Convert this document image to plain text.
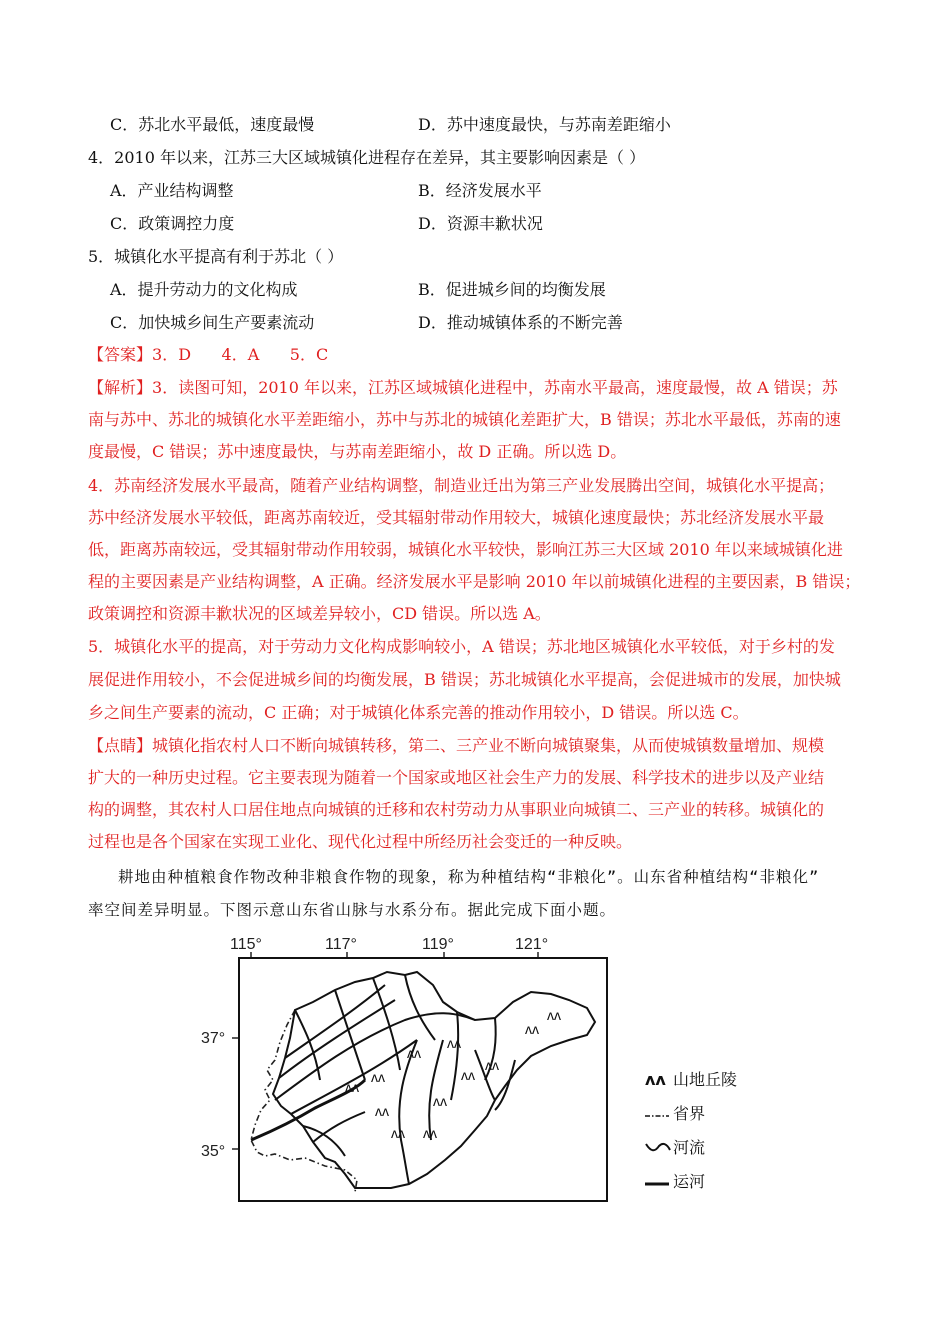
C．苏北水平最低，速度最慢	D．苏中速度最快，与苏南差距缩小
4．2010 年以来，江苏三大区域城镇化进程存在差异，其主要影响因素是（ ）
A．产业结构调整	B．经济发展水平
C．政策调控力度	D．资源丰歉状况
5．城镇化水平提高有利于苏北（ ）
A．提升劳动力的文化构成	B．促进城乡间的均衡发展
C．加快城乡间生产要素流动	D．推动城镇体系的不断完善
【答案】3．D      4．A      5．C
【解析】3．读图可知，2010 年以来，江苏区域城镇化进程中，苏南水平最高，速度最慢，故 A 错误；苏
南与苏中、苏北的城镇化水平差距缩小，苏中与苏北的城镇化差距扩大，B 错误；苏北水平最低，苏南的速
度最慢，C 错误；苏中速度最快，与苏南差距缩小，故 D 正确。所以选 D。
4．苏南经济发展水平最高，随着产业结构调整，制造业迁出为第三产业发展腾出空间，城镇化水平提高；
苏中经济发展水平较低，距离苏南较近，受其辐射带动作用较大，城镇化速度最快；苏北经济发展水平最
低，距离苏南较远，受其辐射带动作用较弱，城镇化水平较快，影响江苏三大区域 2010 年以来域城镇化进
程的主要因素是产业结构调整，A 正确。经济发展水平是影响 2010 年以前城镇化进程的主要因素，B 错误；
政策调控和资源丰歉状况的区域差异较小，CD 错误。所以选 A。
5．城镇化水平的提高，对于劳动力文化构成影响较小，A 错误；苏北地区城镇化水平较低，对于乡村的发
展促进作用较小，不会促进城乡间的均衡发展，B 错误；苏北城镇化水平提高，会促进城市的发展，加快城
乡之间生产要素的流动，C 正确；对于城镇化体系完善的推动作用较小，D 错误。所以选 C。
【点睛】城镇化指农村人口不断向城镇转移，第二、三产业不断向城镇聚集，从而使城镇数量增加、规模
扩大的一种历史过程。它主要表现为随着一个国家或地区社会生产力的发展、科学技术的进步以及产业结
构的调整，其农村人口居住地点向城镇的迁移和农村劳动力从事职业向城镇二、三产业的转移。城镇化的
过程也是各个国家在实现工业化、现代化过程中所经历社会变迁的一种反映。
耕地由种植粮食作物改种非粮食作物的现象，称为种植结构“非粮化”。山东省种植结构“非粮化”
率空间差异明显。下图示意山东省山脉与水系分布。据此完成下面小题。
115°	117°	119°	121°
37°
35°
ᴧᴧ
ᴧᴧ
ᴧᴧ
ᴧᴧ
ᴧᴧ
ᴧᴧ
ᴧᴧ
ᴧᴧ ᴧᴧ
ᴧᴧ
ᴧᴧ
ᴧᴧ
ᴧᴧ 山地丘陵
省界
河流
运河
